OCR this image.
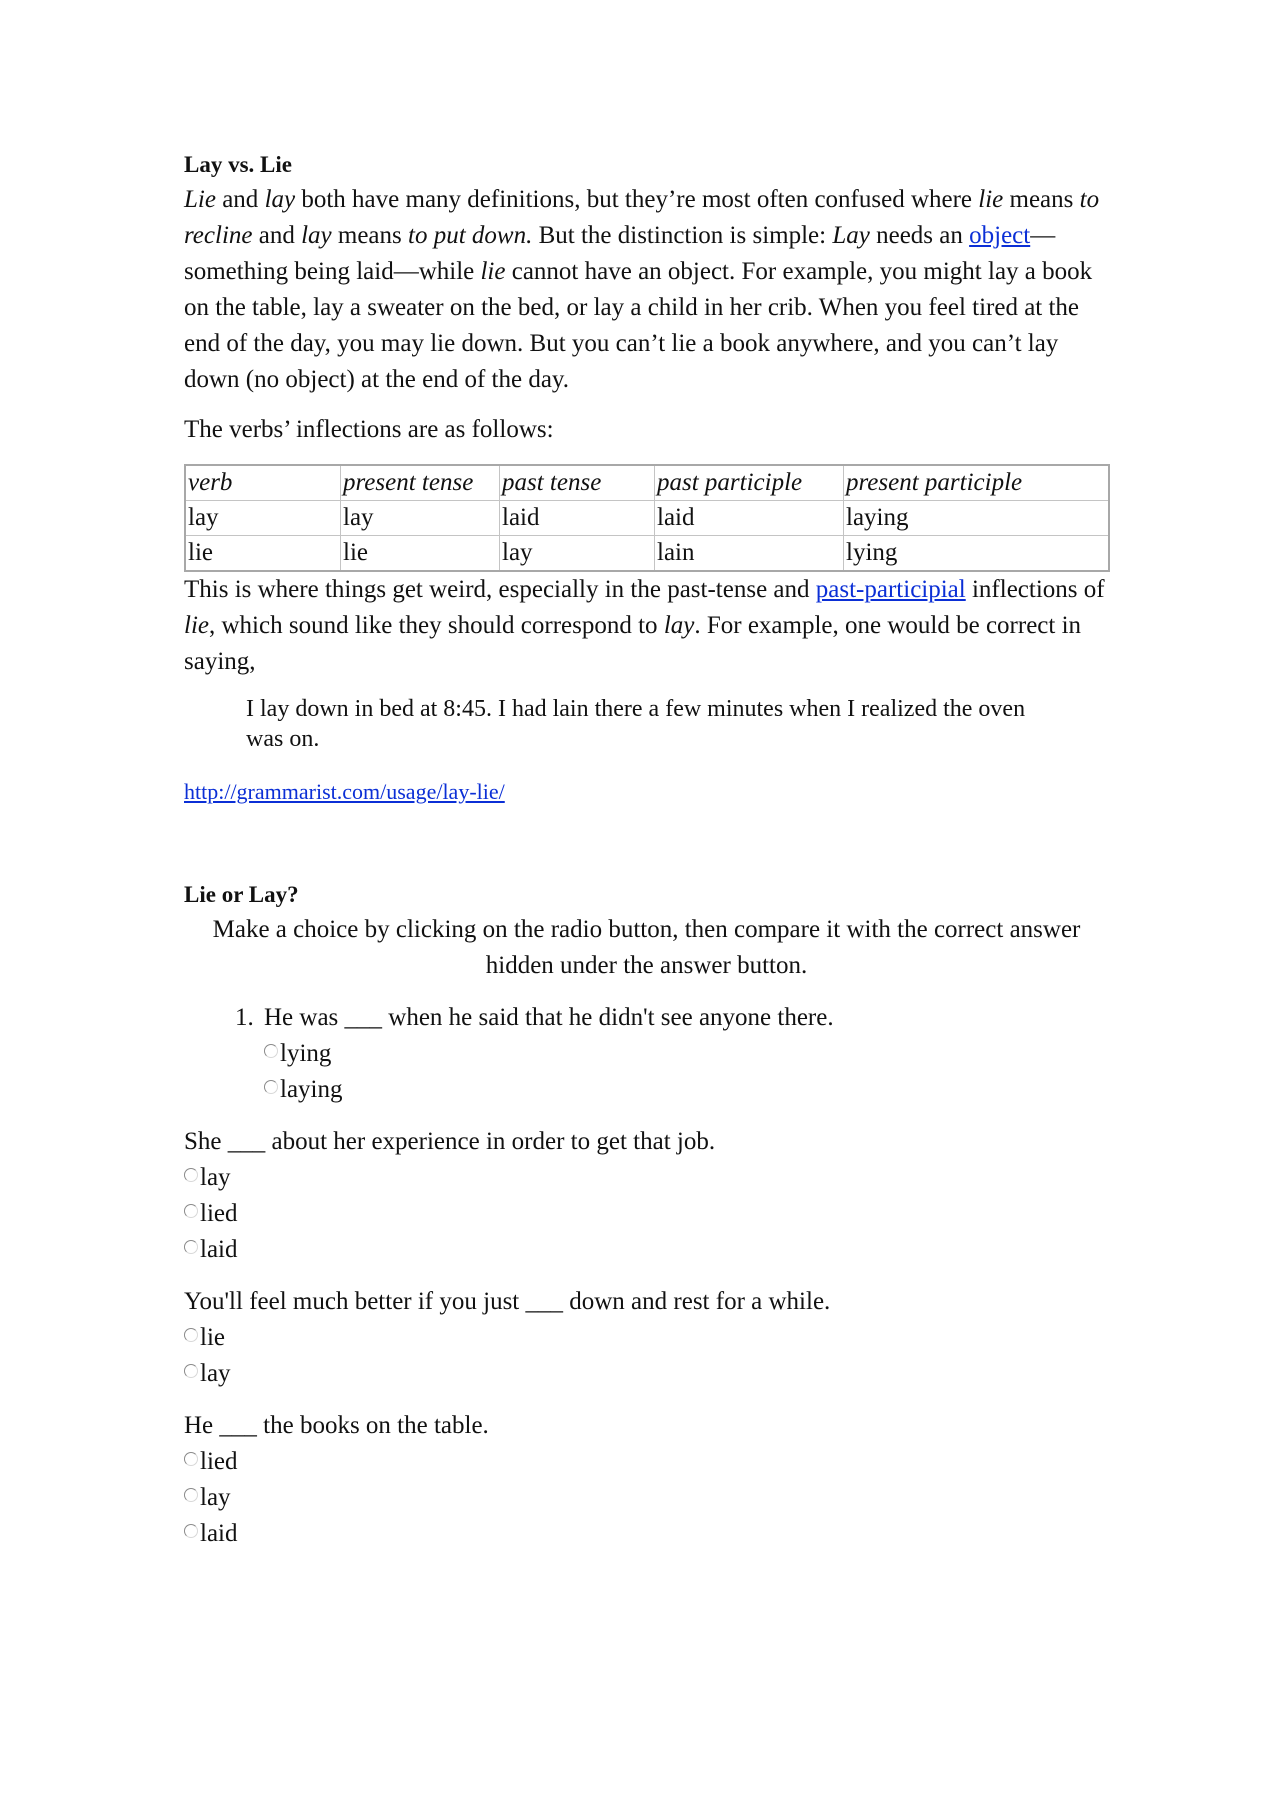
Lay vs. Lie

Lie and lay both have many definitions, but they’re most often confused where lie means to recline and lay means to put down. But the distinction is simple: Lay needs an object—something being laid—while lie cannot have an object. For example, you might lay a book on the table, lay a sweater on the bed, or lay a child in her crib. When you feel tired at the end of the day, you may lie down. But you can’t lie a book anywhere, and you can’t lay down (no object) at the end of the day.

The verbs’ inflections are as follows:

verb	present tense	past tense	past participle	present participle
lay	lay	laid	laid	laying
lie	lie	lay	lain	lying

This is where things get weird, especially in the past-tense and past-participial inflections of lie, which sound like they should correspond to lay. For example, one would be correct in saying,

I lay down in bed at 8:45. I had lain there a few minutes when I realized the oven was on.
http://grammarist.com/usage/lay-lie/
Lie or Lay?

Make a choice by clicking on the radio button, then compare it with the correct answer hidden under the answer button.

1. He was ___ when he said that he didn't see anyone there.
lying
laying
She ___ about her experience in order to get that job.
lay
lied
laid
You'll feel much better if you just ___ down and rest for a while.
lie
lay
He ___ the books on the table.
lied
lay
laid
